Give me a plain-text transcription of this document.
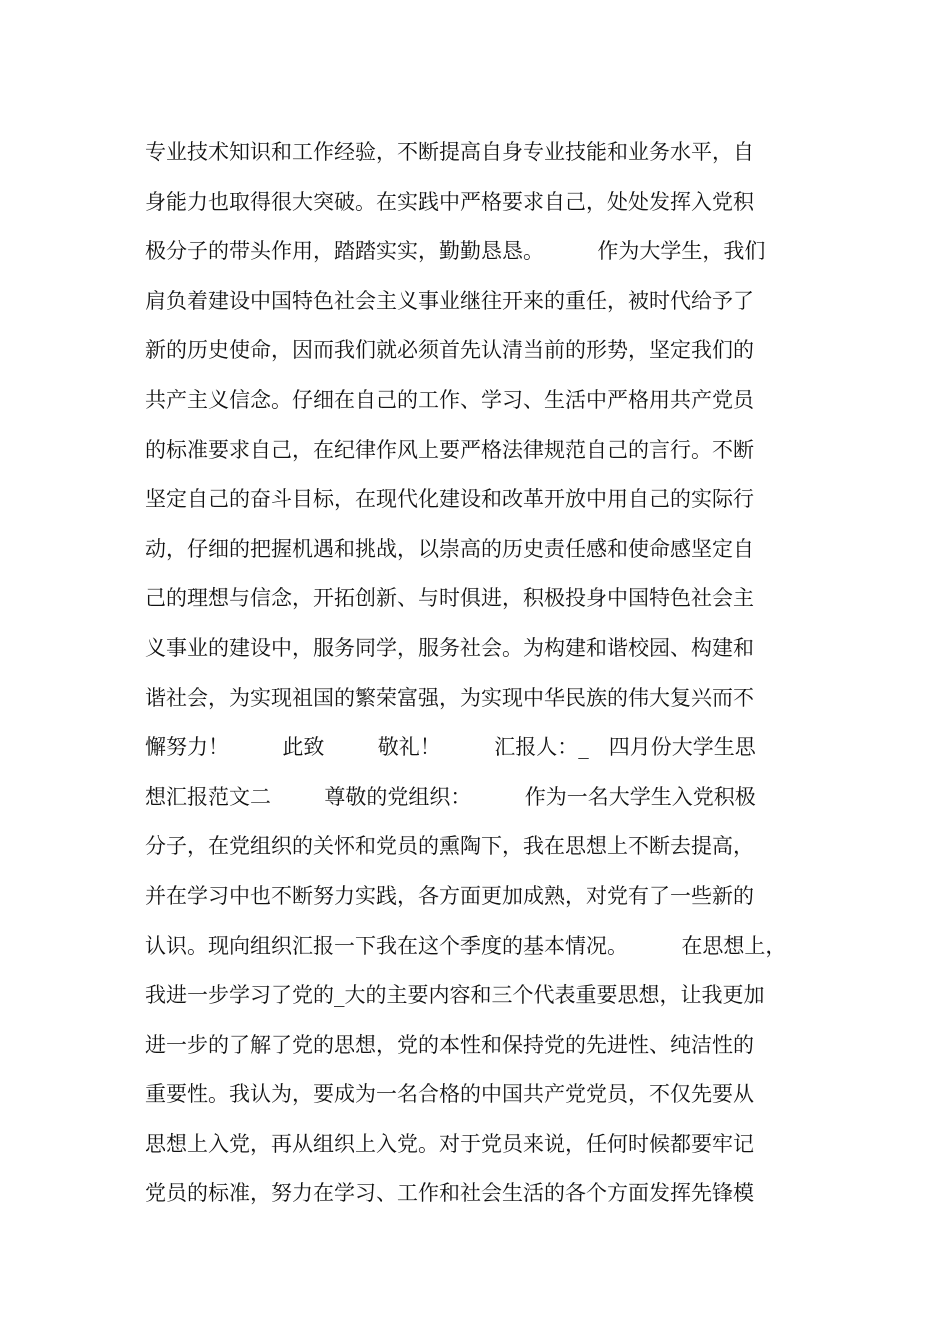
专业技术知识和工作经验，不断提高自身专业技能和业务水平，自
身能力也取得很大突破。在实践中严格要求自己，处处发挥入党积
极分子的带头作用，踏踏实实，勤勤恳恳。        作为大学生，我们
肩负着建设中国特色社会主义事业继往开来的重任，被时代给予了
新的历史使命，因而我们就必须首先认清当前的形势，坚定我们的
共产主义信念。仔细在自己的工作、学习、生活中严格用共产党员
的标准要求自己，在纪律作风上要严格法律规范自己的言行。不断
坚定自己的奋斗目标，在现代化建设和改革开放中用自己的实际行
动，仔细的把握机遇和挑战，以崇高的历史责任感和使命感坚定自
己的理想与信念，开拓创新、与时俱进，积极投身中国特色社会主
义事业的建设中，服务同学，服务社会。为构建和谐校园、构建和
谐社会，为实现祖国的繁荣富强，为实现中华民族的伟大复兴而不
懈努力！        此致        敬礼！        汇报人：_   四月份大学生思
想汇报范文二        尊敬的党组织：        作为一名大学生入党积极
分子，在党组织的关怀和党员的熏陶下，我在思想上不断去提高，
并在学习中也不断努力实践，各方面更加成熟，对党有了一些新的
认识。现向组织汇报一下我在这个季度的基本情况。        在思想上，
我进一步学习了党的_大的主要内容和三个代表重要思想，让我更加
进一步的了解了党的思想，党的本性和保持党的先进性、纯洁性的
重要性。我认为，要成为一名合格的中国共产党党员，不仅先要从
思想上入党，再从组织上入党。对于党员来说，任何时候都要牢记
党员的标准，努力在学习、工作和社会生活的各个方面发挥先锋模
